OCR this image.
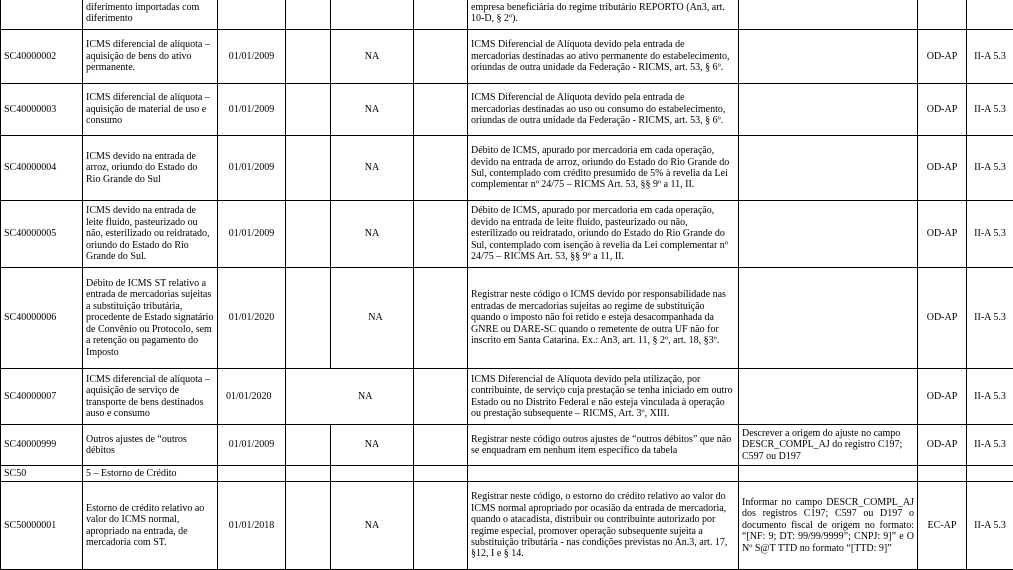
	diferimento importadas com diferimento					empresa beneficiária do regime tributário REPORTO (An3, art. 10-D, § 2º).			
SC40000002	ICMS diferencial de alíquota – aquisição de bens do ativo permanente.	01/01/2009		NA		ICMS Diferencial de Alíquota devido pela entrada de mercadorias destinadas ao ativo permanente do estabelecimento, oriundas de outra unidade da Federação - RICMS, art. 53, § 6º.		OD-AP	II-A 5.3
SC40000003	ICMS diferencial de alíquota – aquisição de material de uso e consumo	01/01/2009		NA		ICMS Diferencial de Alíquota devido pela entrada de mercadorias destinadas ao uso ou consumo do estabelecimento, oriundas de outra unidade da Federação - RICMS, art. 53, § 6º.		OD-AP	II-A 5.3
SC40000004	ICMS devido na entrada de arroz, oriundo do Estado do Rio Grande do Sul	01/01/2009		NA		Débito de ICMS, apurado por mercadoria em cada operação, devido na entrada de arroz, oriundo do Estado do Rio Grande do Sul, contemplado com crédito presumido de 5% à revelia da Lei complementar nº 24/75 – RICMS Art. 53, §§ 9º a 11, II.		OD-AP	II-A 5.3
SC40000005	ICMS devido na entrada de leite fluido, pasteurizado ou não, esterilizado ou reidratado, oriundo do Estado do Rio Grande do Sul.	01/01/2009		NA		Débito de ICMS, apurado por mercadoria em cada operação, devido na entrada de leite fluido, pasteurizado ou não, esterilizado ou reidratado, oriundo do Estado do Rio Grande do Sul, contemplado com isenção à revelia da Lei complementar nº 24/75 – RICMS Art. 53, §§ 9º a 11, II.		OD-AP	II-A 5.3
SC40000006	Débito de ICMS ST relativo a entrada de mercadorias sujeitas a substituição tributária, procedente de Estado signatário de Convênio ou Protocolo, sem a retenção ou pagamento do Imposto	01/01/2020		NA		Registrar neste código o ICMS devido por responsabilidade nas entradas de mercadorias sujeitas ao regime de substituição quando o imposto não foi retido e esteja desacompanhada da GNRE ou DARE-SC quando o remetente de outra UF não for inscrito em Santa Catarina. Ex.: An3, art. 11, § 2º, art. 18, §3º.		OD-AP	II-A 5.3
SC40000007	ICMS diferencial de alíquota – aquisição de serviço de transporte de bens destinados auso e consumo	01/01/2020	NA			ICMS Diferencial de Alíquota devido pela utilização, por contribuinte, de serviço cuja prestação se tenha iniciado em outro Estado ou no Distrito Federal e não esteja vinculada à operação ou prestação subsequente – RICMS, Art. 3º, XIII.		OD-AP	II-A 5.3
SC40000999	Outros ajustes de “outros débitos	01/01/2009		NA		Registrar neste código outros ajustes de “outros débitos” que não se enquadram em nenhum item específico da tabela	Descrever a origem do ajuste no campo DESCR_COMPL_AJ do registro C197; C597 ou D197	OD-AP	II-A 5.3
SC50	5 – Estorno de Crédito								
SC50000001	Estorno de crédito relativo ao valor do ICMS normal, apropriado na entrada, de mercadoria com ST.	01/01/2018		NA		Registrar neste código, o estorno do crédito relativo ao valor do ICMS normal apropriado por ocasião da entrada de mercadoria, quando o atacadista, distribuir ou contribuinte autorizado por regime especial, promover operação subsequente sujeita a substituição tributária - nas condições previstas no An.3, art. 17, §12, I e § 14.	Informar no campo DESCR_COMPL_AJ dos registros C197; C597 ou D197 o documento fiscal de origem no formato: “[NF: 9; DT: 99/99/9999”; CNPJ: 9]” e O Nº S@T TTD no formato “[TTD: 9]”	EC-AP	II-A 5.3
